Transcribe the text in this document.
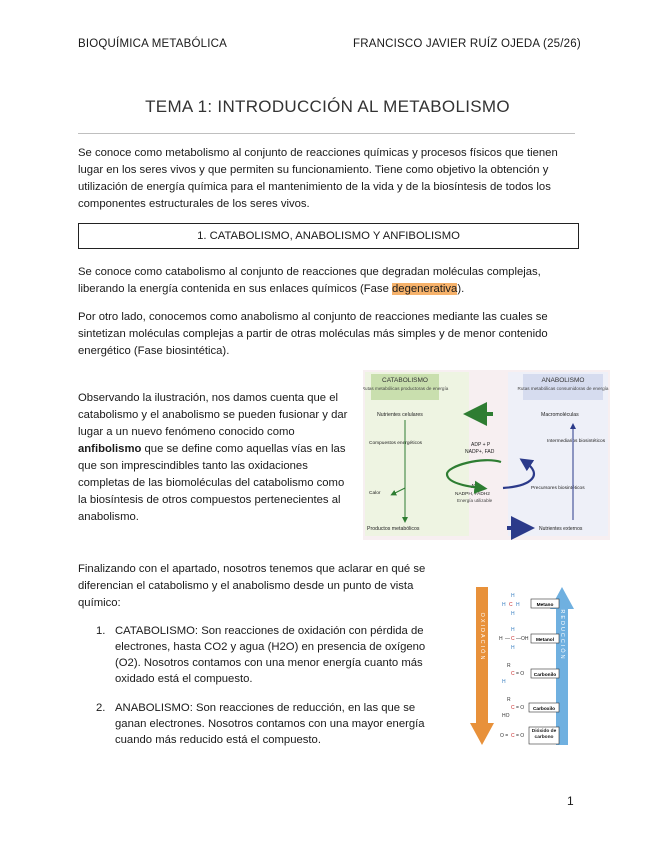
BIOQUÍMICA METABÓLICA	FRANCISCO JAVIER RUÍZ OJEDA (25/26)
TEMA 1: INTRODUCCIÓN AL METABOLISMO

Se conoce como metabolismo al conjunto de reacciones químicas y procesos físicos que tienen lugar en los seres vivos y que permiten su funcionamiento. Tiene como objetivo la obtención y utilización de energía química para el mantenimiento de la vida y de la biosíntesis de todos los componentes estructurales de los seres vivos.

1. CATABOLISMO, ANABOLISMO Y ANFIBOLISMO

Se conoce como catabolismo al conjunto de reacciones que degradan moléculas complejas, liberando la energía contenida en sus enlaces químicos (Fase degenerativa).

Por otro lado, conocemos como anabolismo al conjunto de reacciones mediante las cuales se sintetizan moléculas complejas a partir de otras moléculas más simples y de menor contenido energético (Fase biosintética).

Observando la ilustración, nos damos cuenta que el catabolismo y el anabolismo se pueden fusionar y dar lugar a un nuevo fenómeno conocido como anfibolismo que se define como aquellas vías en las que son imprescindibles tanto las oxidaciones completas de las biomoléculas del catabolismo como la biosíntesis de otros compuestos pertenecientes al anabolismo.

CATABOLISMO
Rutas metabólicas productoras de energía
ANABOLISMO
Rutas metabólicas consumidoras de energía
Nutrientes celulares	Macromoléculas
Compuestos energéticos	ADP + P
NADP+, FAD
Intermediarios biosintéticos
ATP
NADPH, FADH2
Energía utilizable
Calor
Precursores biosintéticos
Productos metabólicos	Nutrientes externos

Finalizando con el apartado, nosotros tenemos que aclarar en qué se diferencian el catabolismo y el anabolismo desde un punto de vista químico:

1. CATABOLISMO: Son reacciones de oxidación con pérdida de electrones, hasta CO2 y agua (H2O) en presencia de oxígeno (O2). Nosotros contamos con una menor energía cuanto más oxidado está el compuesto.
2. ANABOLISMO: Son reacciones de reducción, en las que se ganan electrones. Nosotros contamos con una mayor energía cuando más reducido está el compuesto.
OXIDACIÓN	REDUCCIÓN
H
H C H
H
H
H — C —OH
H
R
C = O
H
R
C = O
HO
O = C = O
Metano
Metanol
Carbonilo
Carboxilo
Dióxido de carbono
1
